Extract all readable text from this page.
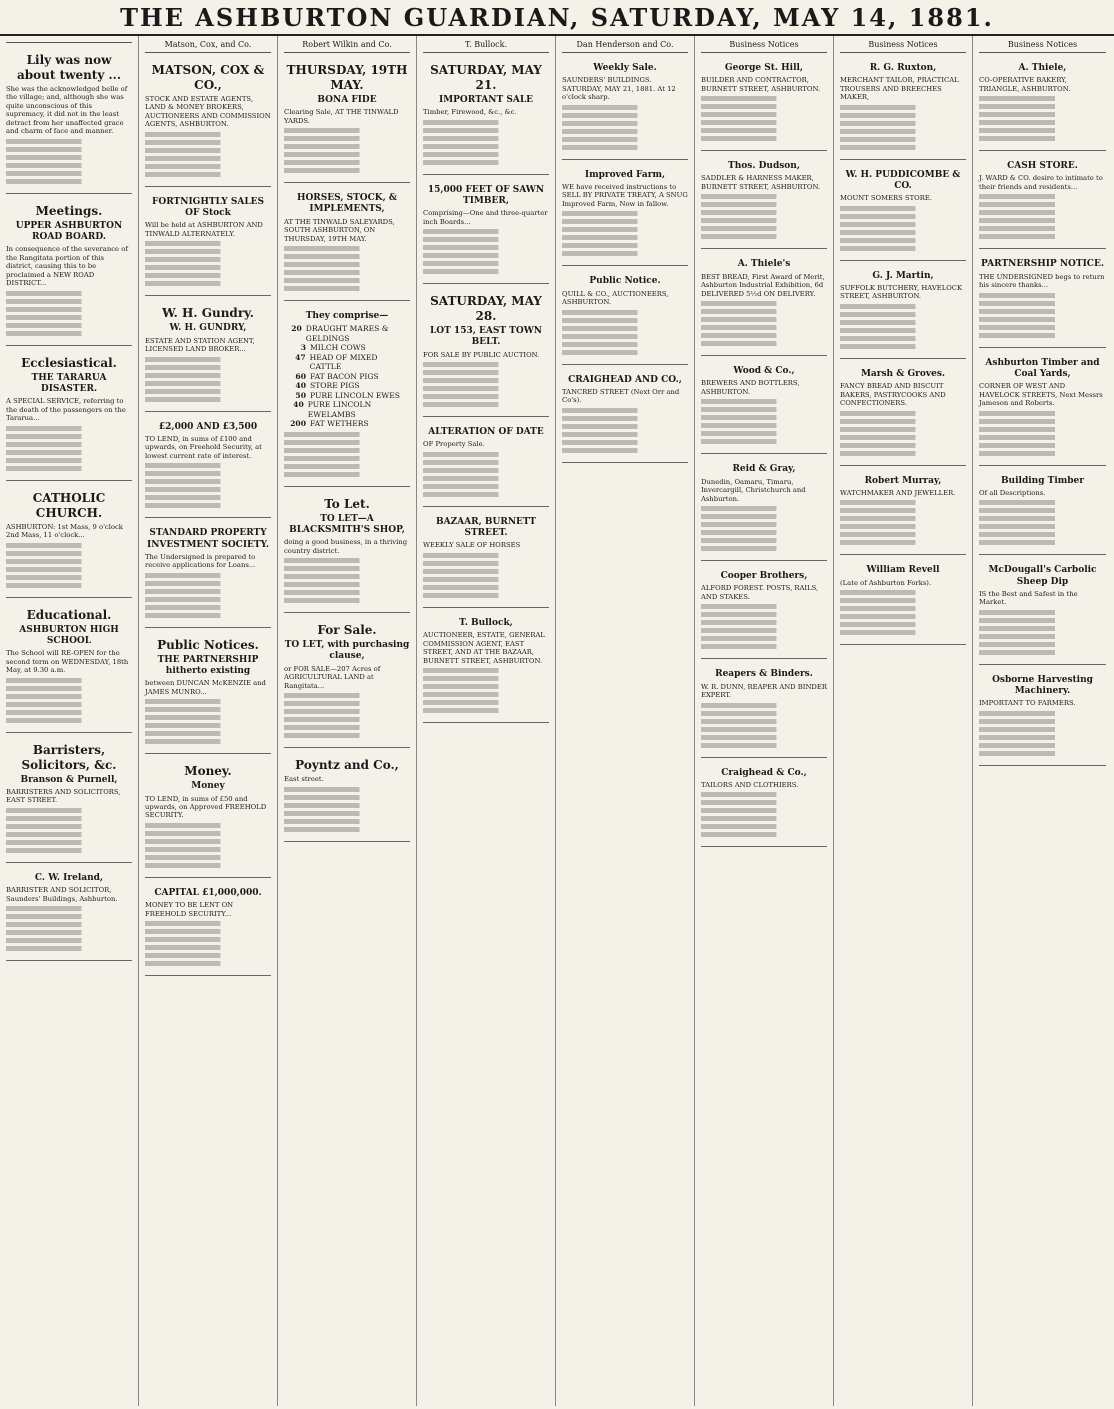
THE ASHBURTON GUARDIAN, SATURDAY, MAY 14, 1881.
Lily was now about twenty ...
She was the acknowledged belle of the village; and, although she was quite unconscious of this supremacy, it did not in the least detract from her unaffected grace and charm of face and manner.
Meetings.
UPPER ASHBURTON ROAD BOARD.
In consequence of the severance of the Rangitata portion of this district, causing this to be proclaimed a NEW ROAD DISTRICT...
Ecclesiastical.
THE TARARUA DISASTER.
A SPECIAL SERVICE, referring to the death of the passengers on the Tararua...
CATHOLIC CHURCH.
ASHBURTON: 1st Mass, 9 o'clock 2nd Mass, 11 o'clock...
Educational.
ASHBURTON HIGH SCHOOL
The School will RE-OPEN for the second term on WEDNESDAY, 18th May, at 9.30 a.m.
Barristers, Solicitors, &c.
Branson & Purnell,
BARRISTERS AND SOLICITORS, EAST STREET.
C. W. Ireland,
BARRISTER AND SOLICITOR, Saunders' Buildings, Ashburton.
Matson, Cox, and Co.
MATSON, COX & CO.,
STOCK AND ESTATE AGENTS, LAND & MONEY BROKERS, AUCTIONEERS AND COMMISSION AGENTS, ASHBURTON.
FORTNIGHTLY SALES OF Stock
Will be held at ASHBURTON AND TINWALD ALTERNATELY.
W. H. Gundry.
W. H. GUNDRY,
ESTATE AND STATION AGENT, LICENSED LAND BROKER...
£2,000 AND £3,500
TO LEND, in sums of £100 and upwards, on Freehold Security, at lowest current rate of interest.
STANDARD PROPERTY INVESTMENT SOCIETY.
The Undersigned is prepared to receive applications for Loans...
Public Notices.
THE PARTNERSHIP hitherto existing
between DUNCAN McKENZIE and JAMES MUNRO...
Money.
Money
TO LEND, in sums of £50 and upwards, on Approved FREEHOLD SECURITY.
CAPITAL £1,000,000.
MONEY TO BE LENT ON FREEHOLD SECURITY...
Robert Wilkin and Co.
THURSDAY, 19TH MAY.
BONA FIDE
Clearing Sale, AT THE TINWALD YARDS.
HORSES, STOCK, & IMPLEMENTS,
AT THE TINWALD SALEYARDS, SOUTH ASHBURTON, ON THURSDAY, 19TH MAY.
They comprise—
20 DRAUGHT MARES & GELDINGS
3 MILCH COWS
47 HEAD OF MIXED CATTLE
60 FAT BACON PIGS
40 STORE PIGS
50 PURE LINCOLN EWES
40 PURE LINCOLN EWELAMBS
200 FAT WETHERS
To Let.
TO LET—A BLACKSMITH'S SHOP,
doing a good business, in a thriving country district.
For Sale.
TO LET, with purchasing clause,
or FOR SALE—207 Acres of AGRICULTURAL LAND at Rangitata...
Poyntz and Co.,
East street.
T. Bullock.
SATURDAY, MAY 21.
IMPORTANT SALE
Timber, Firewood, &c., &c.
15,000 FEET OF SAWN TIMBER,
Comprising—One and three-quarter inch Boards...
SATURDAY, MAY 28.
LOT 153, EAST TOWN BELT.
FOR SALE BY PUBLIC AUCTION.
ALTERATION OF DATE
OF Property Sale.
BAZAAR, BURNETT STREET.
WEEKLY SALE OF HORSES
T. Bullock,
AUCTIONEER, ESTATE, GENERAL COMMISSION AGENT, EAST STREET, AND AT THE BAZAAR, BURNETT STREET, ASHBURTON.
Dan Henderson and Co.
Weekly Sale.
SAUNDERS' BUILDINGS. SATURDAY, MAY 21, 1881. At 12 o'clock sharp.
Improved Farm,
WE have received instructions to SELL BY PRIVATE TREATY, A SNUG Improved Farm, Now in fallow.
Public Notice.
QUILL & CO., AUCTIONEERS, ASHBURTON.
CRAIGHEAD AND CO.,
TANCRED STREET (Next Orr and Co's).
Business Notices
George St. Hill,
BUILDER AND CONTRACTOR, BURNETT STREET, ASHBURTON.
Thos. Dudson,
SADDLER & HARNESS MAKER, BURNETT STREET, ASHBURTON.
A. Thiele's
BEST BREAD, First Award of Merit, Ashburton Industrial Exhibition, 6d DELIVERED 5½d ON DELIVERY.
Wood & Co.,
BREWERS AND BOTTLERS, ASHBURTON.
Reid & Gray,
Dunedin, Oamaru, Timaru, Invercargill, Christchurch and Ashburton.
Cooper Brothers,
ALFORD FOREST. POSTS, RAILS, AND STAKES.
Reapers & Binders.
W. R. DUNN, REAPER AND BINDER EXPERT.
Craighead & Co.,
TAILORS AND CLOTHIERS.
Business Notices
R. G. Ruxton,
MERCHANT TAILOR, PRACTICAL TROUSERS AND BREECHES MAKER,
W. H. PUDDICOMBE & CO.
MOUNT SOMERS STORE.
G. J. Martin,
SUFFOLK BUTCHERY, HAVELOCK STREET, ASHBURTON.
Marsh & Groves.
FANCY BREAD AND BISCUIT BAKERS, PASTRYCOOKS AND CONFECTIONERS.
Robert Murray,
WATCHMAKER AND JEWELLER.
William Revell
(Late of Ashburton Forks).
Business Notices
A. Thiele,
CO-OPERATIVE BAKERY, TRIANGLE, ASHBURTON.
CASH STORE.
J. WARD & CO. desire to intimate to their friends and residents...
PARTNERSHIP NOTICE.
THE UNDERSIGNED begs to return his sincere thanks...
Ashburton Timber and Coal Yards,
CORNER OF WEST AND HAVELOCK STREETS, Next Messrs Jameson and Roberts.
Building Timber
Of all Descriptions.
McDougall's Carbolic Sheep Dip
IS the Best and Safest in the Market.
Osborne Harvesting Machinery.
IMPORTANT TO FARMERS.
